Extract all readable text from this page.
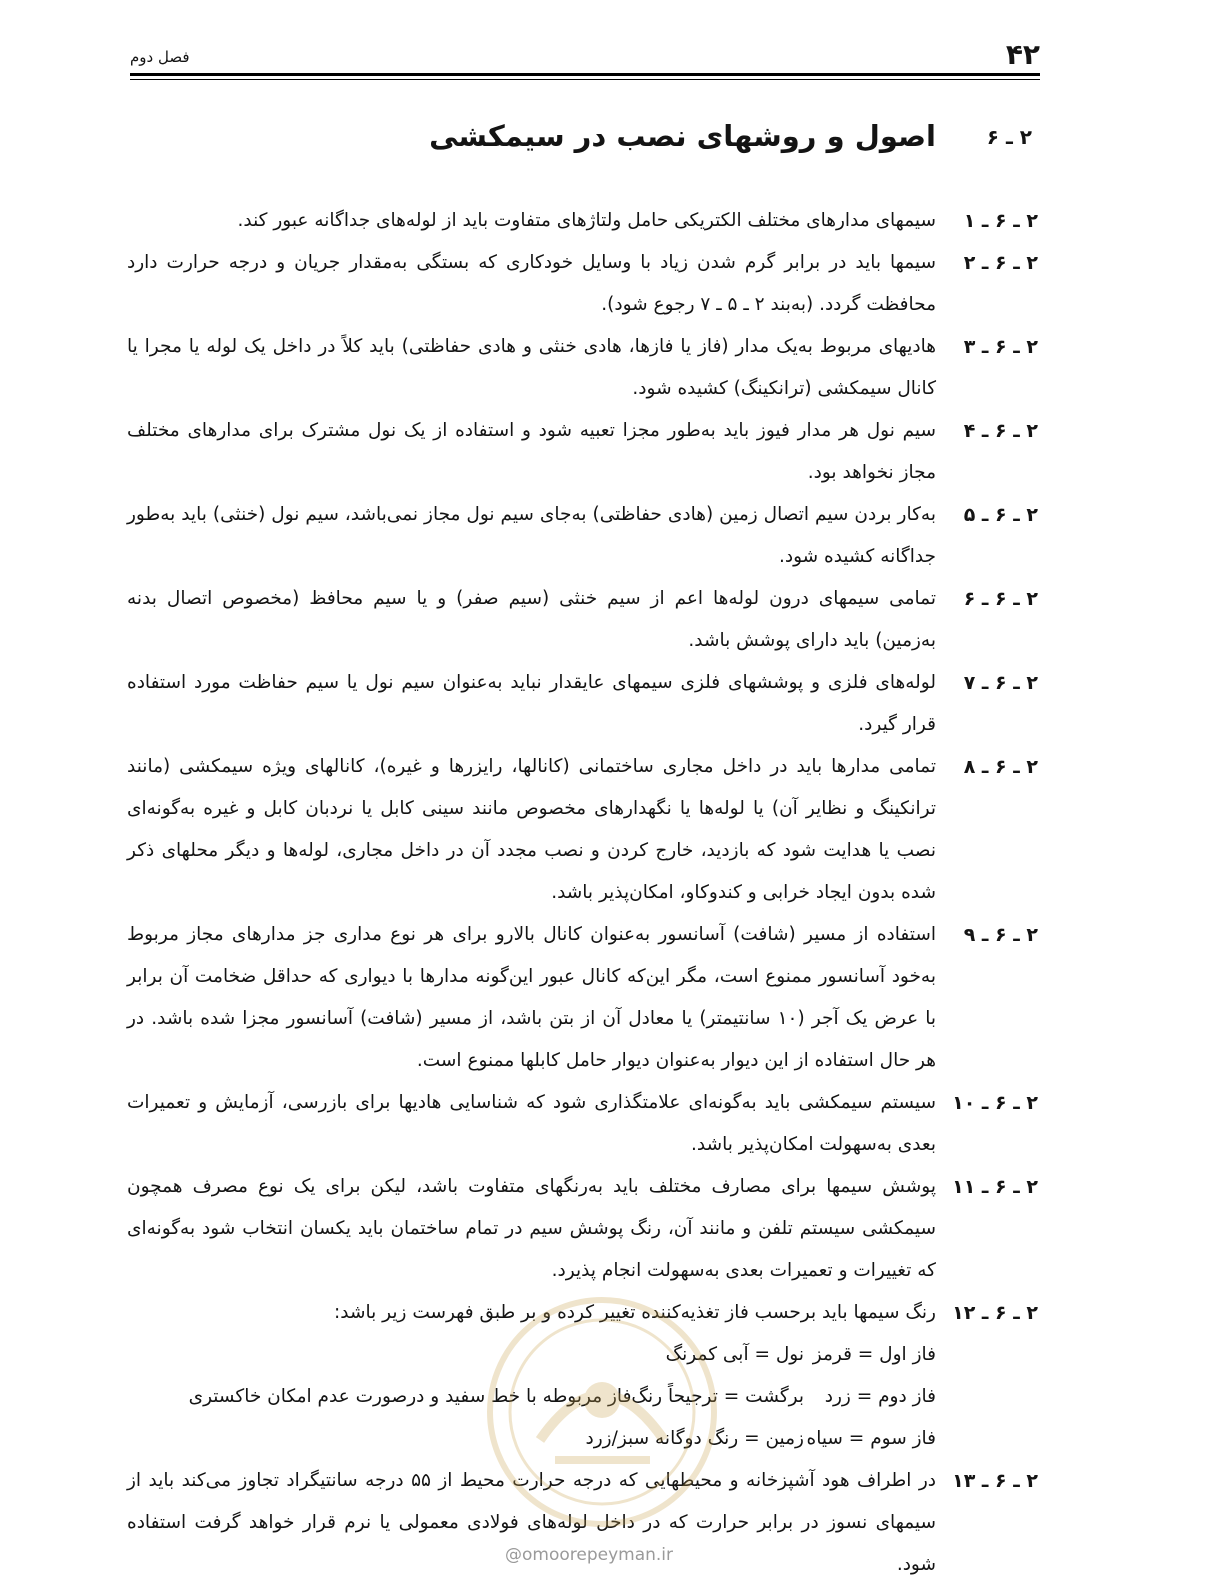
۴۲
فصل دوم
۲ ـ ۶
اصول و روشهای نصب در سیمکشی
۲ ـ ۶ ـ ۱
سیمهای مدارهای مختلف الکتریکی حامل ولتاژهای متفاوت باید از لوله‌های جداگانه عبور کند.
۲ ـ ۶ ـ ۲
سیمها باید در برابر گرم شدن زیاد با وسایل خودکاری که بستگی به‌مقدار جریان و درجه حرارت دارد محافظت گردد. (به‌بند ۲ ـ ۵ ـ ۷ رجوع شود).
۲ ـ ۶ ـ ۳
هادیهای مربوط به‌یک مدار (فاز یا فازها، هادی خنثی و هادی حفاظتی) باید کلاً در داخل یک لوله یا مجرا یا کانال سیمکشی (ترانکینگ) کشیده شود.
۲ ـ ۶ ـ ۴
سیم نول هر مدار فیوز باید به‌طور مجزا تعبیه شود و استفاده از یک نول مشترک برای مدارهای مختلف مجاز نخواهد بود.
۲ ـ ۶ ـ ۵
به‌کار بردن سیم اتصال زمین (هادی حفاظتی) به‌جای سیم نول مجاز نمی‌باشد، سیم نول (خنثی) باید به‌طور جداگانه کشیده شود.
۲ ـ ۶ ـ ۶
تمامی سیمهای درون لوله‌ها اعم از سیم خنثی (سیم صفر) و یا سیم محافظ (مخصوص اتصال بدنه به‌زمین) باید دارای پوشش باشد.
۲ ـ ۶ ـ ۷
لوله‌های فلزی و پوششهای فلزی سیمهای عایقدار نباید به‌عنوان سیم نول یا سیم حفاظت مورد استفاده قرار گیرد.
۲ ـ ۶ ـ ۸
تمامی مدارها باید در داخل مجاری ساختمانی (کانالها، رایزرها و غیره)، کانالهای ویژه سیمکشی (مانند ترانکینگ و نظایر آن) یا لوله‌ها یا نگهدارهای مخصوص مانند سینی کابل یا نردبان کابل و غیره به‌گونه‌ای نصب یا هدایت شود که بازدید، خارج کردن و نصب مجدد آن در داخل مجاری، لوله‌ها و دیگر محلهای ذکر شده بدون ایجاد خرابی و کندوکاو، امکان‌پذیر باشد.
۲ ـ ۶ ـ ۹
استفاده از مسیر (شافت) آسانسور به‌عنوان کانال بالارو برای هر نوع مداری جز مدارهای مجاز مربوط به‌خود آسانسور ممنوع است، مگر این‌که کانال عبور این‌گونه مدارها با دیواری که حداقل ضخامت آن برابر با عرض یک آجر (۱۰ سانتیمتر) یا معادل آن از بتن باشد، از مسیر (شافت) آسانسور مجزا شده باشد. در هر حال استفاده از این دیوار به‌عنوان دیوار حامل کابلها ممنوع است.
۲ ـ ۶ ـ ۱۰
سیستم سیمکشی باید به‌گونه‌ای علامتگذاری شود که شناسایی هادیها برای بازرسی، آزمایش و تعمیرات بعدی به‌سهولت امکان‌پذیر باشد.
۲ ـ ۶ ـ ۱۱
پوشش سیمها برای مصارف مختلف باید به‌رنگهای متفاوت باشد، لیکن برای یک نوع مصرف همچون سیمکشی سیستم تلفن و مانند آن، رنگ پوشش سیم در تمام ساختمان باید یکسان انتخاب شود به‌گونه‌ای که تغییرات و تعمیرات بعدی به‌سهولت انجام پذیرد.
۲ ـ ۶ ـ ۱۲
رنگ سیمها باید برحسب فاز تغذیه‌کننده تغییر کرده و بر طبق فهرست زیر باشد:
فاز اول = قرمز
نول = آبی کمرنگ
فاز دوم = زرد
برگشت = ترجیحاً رنگ‌فاز مربوطه با خط سفید و درصورت عدم امکان خاکستری
فاز سوم = سیاه
زمین = رنگ دوگانه سبز/زرد
۲ ـ ۶ ـ ۱۳
در اطراف هود آشپزخانه و محیطهایی که درجه حرارت محیط از ۵۵ درجه سانتیگراد تجاوز می‌کند باید از سیمهای نسوز در برابر حرارت که در داخل لوله‌های فولادی معمولی یا نرم قرار خواهد گرفت استفاده شود.
@omoorepeyman.ir
